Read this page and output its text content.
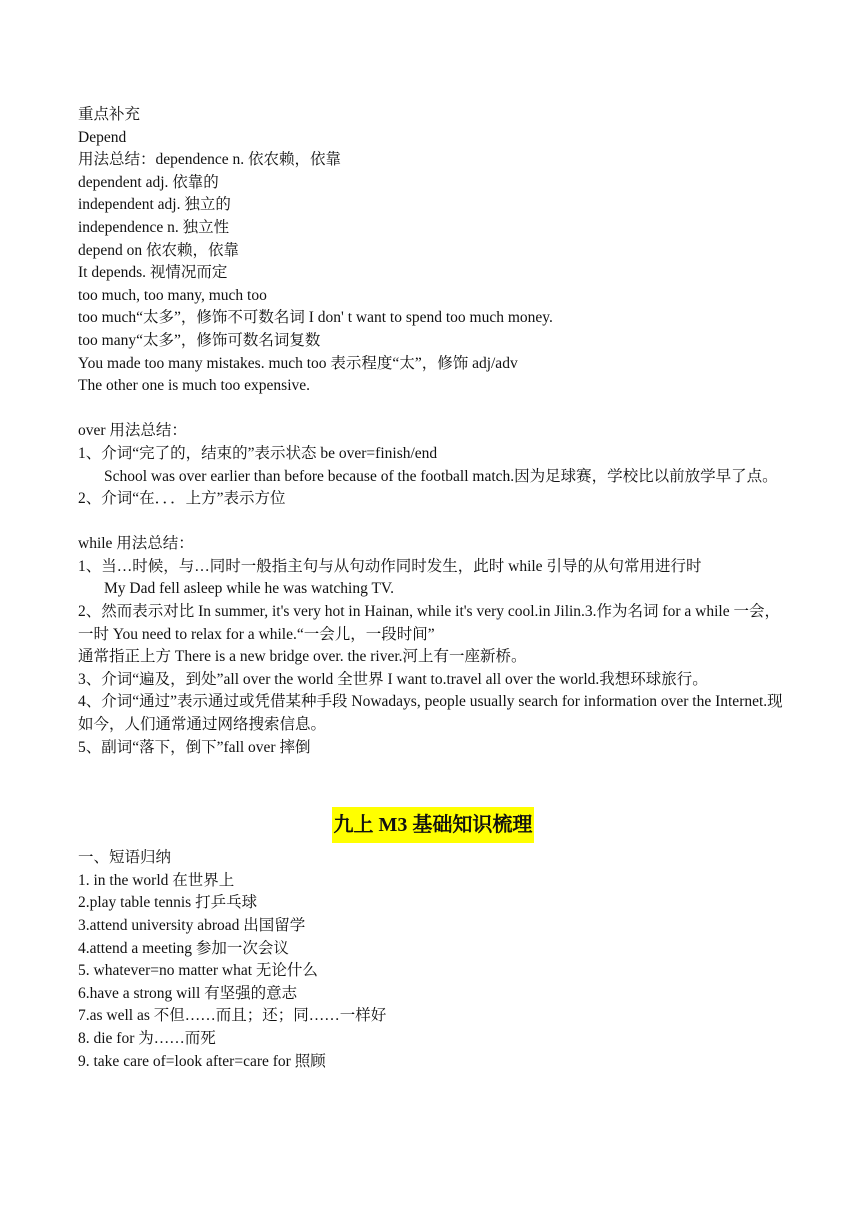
重点补充
Depend
用法总结：dependence n. 依农赖，依靠
dependent adj. 依靠的
independent adj. 独立的
independence n. 独立性
depend on 依农赖，依靠
It depends. 视情况而定
too much, too many, much too
too much“太多”，修饰不可数名词 I don' t want to spend too much money.
too many“太多”，修饰可数名词复数
You made too many mistakes. much too 表示程度“太”，修饰 adj/adv
The other one is much too expensive.
over 用法总结：
1、介词“完了的，结束的”表示状态 be over=finish/end
School was over earlier than before because of the football match.因为足球赛，学校比以前放学早了点。
2、介词“在．．．上方”表示方位
while 用法总结：
1、当…时候，与…同时一般指主句与从句动作同时发生，此时 while 引导的从句常用进行时
My Dad fell asleep while he was watching TV.
2、然而表示对比 In summer, it's very hot in Hainan, while it's very cool.in Jilin.3.作为名词 for a while 一会，一时 You need to relax for a while.“一会儿，一段时间”
通常指正上方 There is a new bridge over. the river.河上有一座新桥。
3、介词“遍及，到处”all over the world 全世界 I want to.travel all over the world.我想环球旅行。
4、介词“通过”表示通过或凭借某种手段 Nowadays, people usually search for information over the Internet.现如今，人们通常通过网络搜索信息。
5、副词“落下，倒下”fall over 摔倒
九上 M3 基础知识梳理
一、短语归纳
1. in the world 在世界上
2.play table tennis 打乒乓球
3.attend university abroad 出国留学
4.attend a meeting 参加一次会议
5. whatever=no matter what 无论什么
6.have a strong will 有坚强的意志
7.as well as 不但……而且；还；同……一样好
8. die for 为……而死
9. take care of=look after=care for 照顾
